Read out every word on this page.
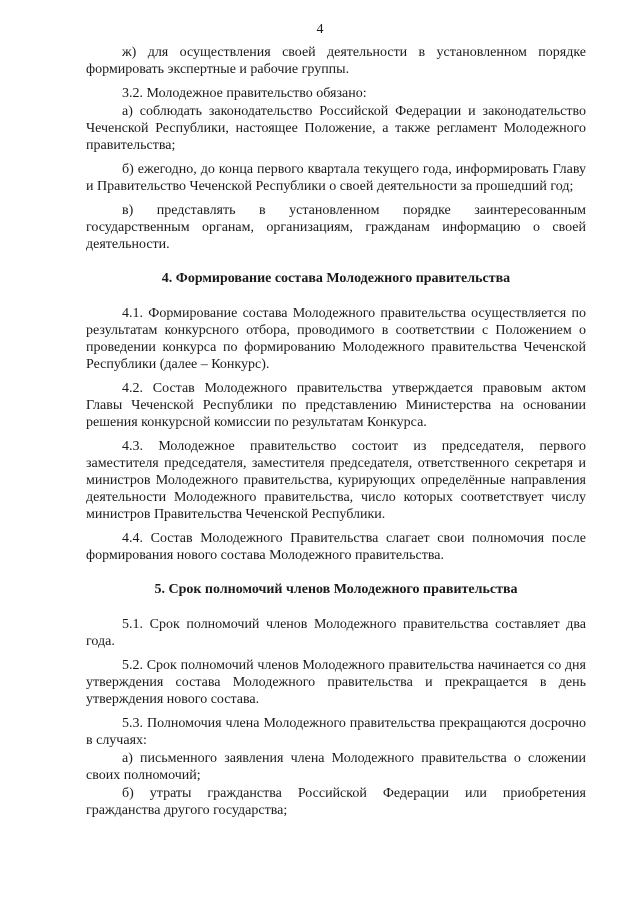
4
ж) для осуществления своей деятельности в установленном порядке формировать экспертные и рабочие группы.
3.2. Молодежное правительство обязано:
а) соблюдать законодательство Российской Федерации и законодательство Чеченской Республики, настоящее Положение, а также регламент Молодежного правительства;
б) ежегодно, до конца первого квартала текущего года, информировать Главу и Правительство Чеченской Республики о своей деятельности за прошедший год;
в) представлять в установленном порядке заинтересованным государственным органам, организациям, гражданам информацию о своей деятельности.
4. Формирование состава Молодежного правительства
4.1. Формирование состава Молодежного правительства осуществляется по результатам конкурсного отбора, проводимого в соответствии с Положением о проведении конкурса по формированию Молодежного правительства Чеченской Республики (далее – Конкурс).
4.2. Состав Молодежного правительства утверждается правовым актом Главы Чеченской Республики по представлению Министерства на основании решения конкурсной комиссии по результатам Конкурса.
4.3. Молодежное правительство состоит из председателя, первого заместителя председателя, заместителя председателя, ответственного секретаря и министров Молодежного правительства, курирующих определённые направления деятельности Молодежного правительства, число которых соответствует числу министров Правительства Чеченской Республики.
4.4. Состав Молодежного Правительства слагает свои полномочия после формирования нового состава Молодежного правительства.
5. Срок полномочий членов Молодежного правительства
5.1. Срок полномочий членов Молодежного правительства составляет два года.
5.2. Срок полномочий членов Молодежного правительства начинается со дня утверждения состава Молодежного правительства и прекращается в день утверждения нового состава.
5.3. Полномочия члена Молодежного правительства прекращаются досрочно в случаях:
а) письменного заявления члена Молодежного правительства о сложении своих полномочий;
б) утраты гражданства Российской Федерации или приобретения гражданства другого государства;
